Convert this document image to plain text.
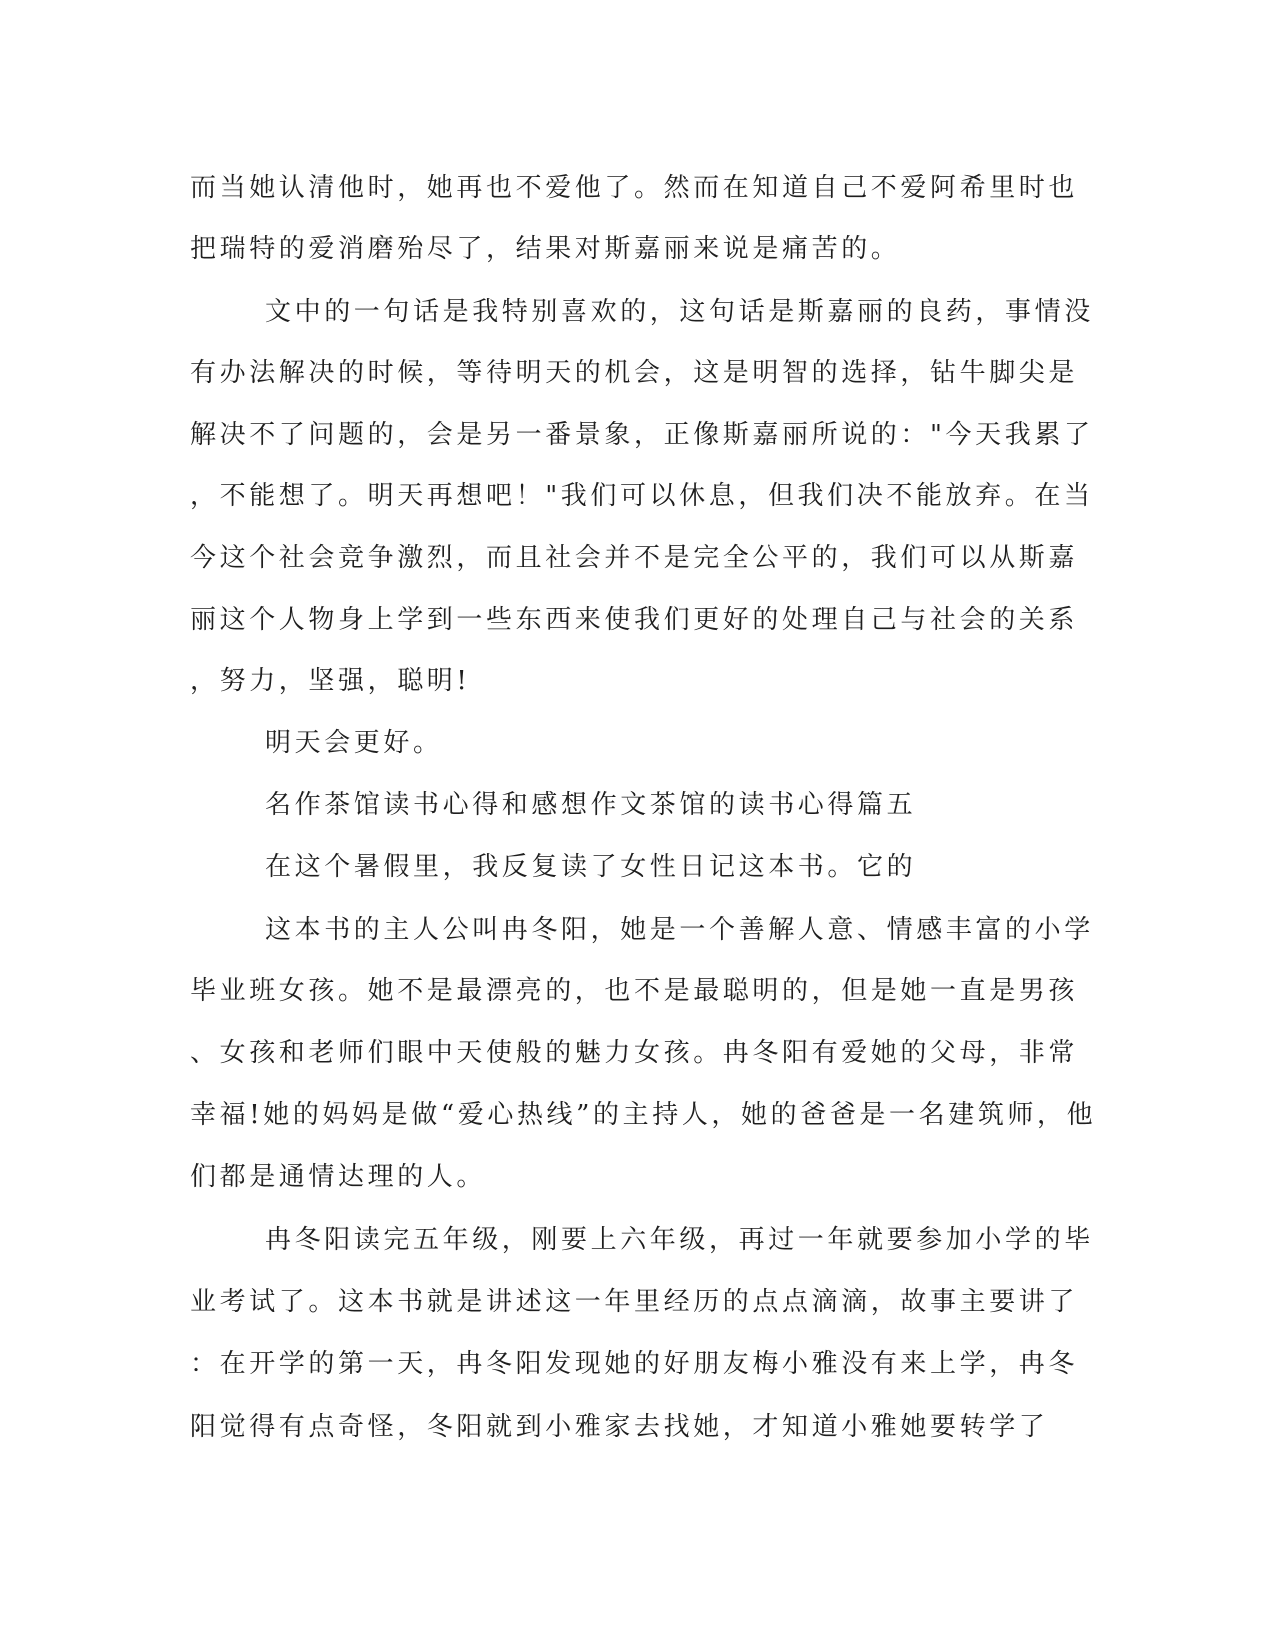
而当她认清他时，她再也不爱他了。然而在知道自己不爱阿希里时也
把瑞特的爱消磨殆尽了，结果对斯嘉丽来说是痛苦的。
文中的一句话是我特别喜欢的，这句话是斯嘉丽的良药，事情没
有办法解决的时候，等待明天的机会，这是明智的选择，钻牛脚尖是
解决不了问题的，会是另一番景象，正像斯嘉丽所说的："今天我累了
，不能想了。明天再想吧！"我们可以休息，但我们决不能放弃。在当
今这个社会竞争激烈，而且社会并不是完全公平的，我们可以从斯嘉
丽这个人物身上学到一些东西来使我们更好的处理自己与社会的关系
，努力，坚强，聪明!
明天会更好。
名作茶馆读书心得和感想作文茶馆的读书心得篇五
在这个暑假里，我反复读了女性日记这本书。它的
这本书的主人公叫冉冬阳，她是一个善解人意、情感丰富的小学
毕业班女孩。她不是最漂亮的，也不是最聪明的，但是她一直是男孩
、女孩和老师们眼中天使般的魅力女孩。冉冬阳有爱她的父母，非常
幸福!她的妈妈是做“爱心热线”的主持人，她的爸爸是一名建筑师，他
们都是通情达理的人。
冉冬阳读完五年级，刚要上六年级，再过一年就要参加小学的毕
业考试了。这本书就是讲述这一年里经历的点点滴滴，故事主要讲了
：在开学的第一天，冉冬阳发现她的好朋友梅小雅没有来上学，冉冬
阳觉得有点奇怪，冬阳就到小雅家去找她，才知道小雅她要转学了
